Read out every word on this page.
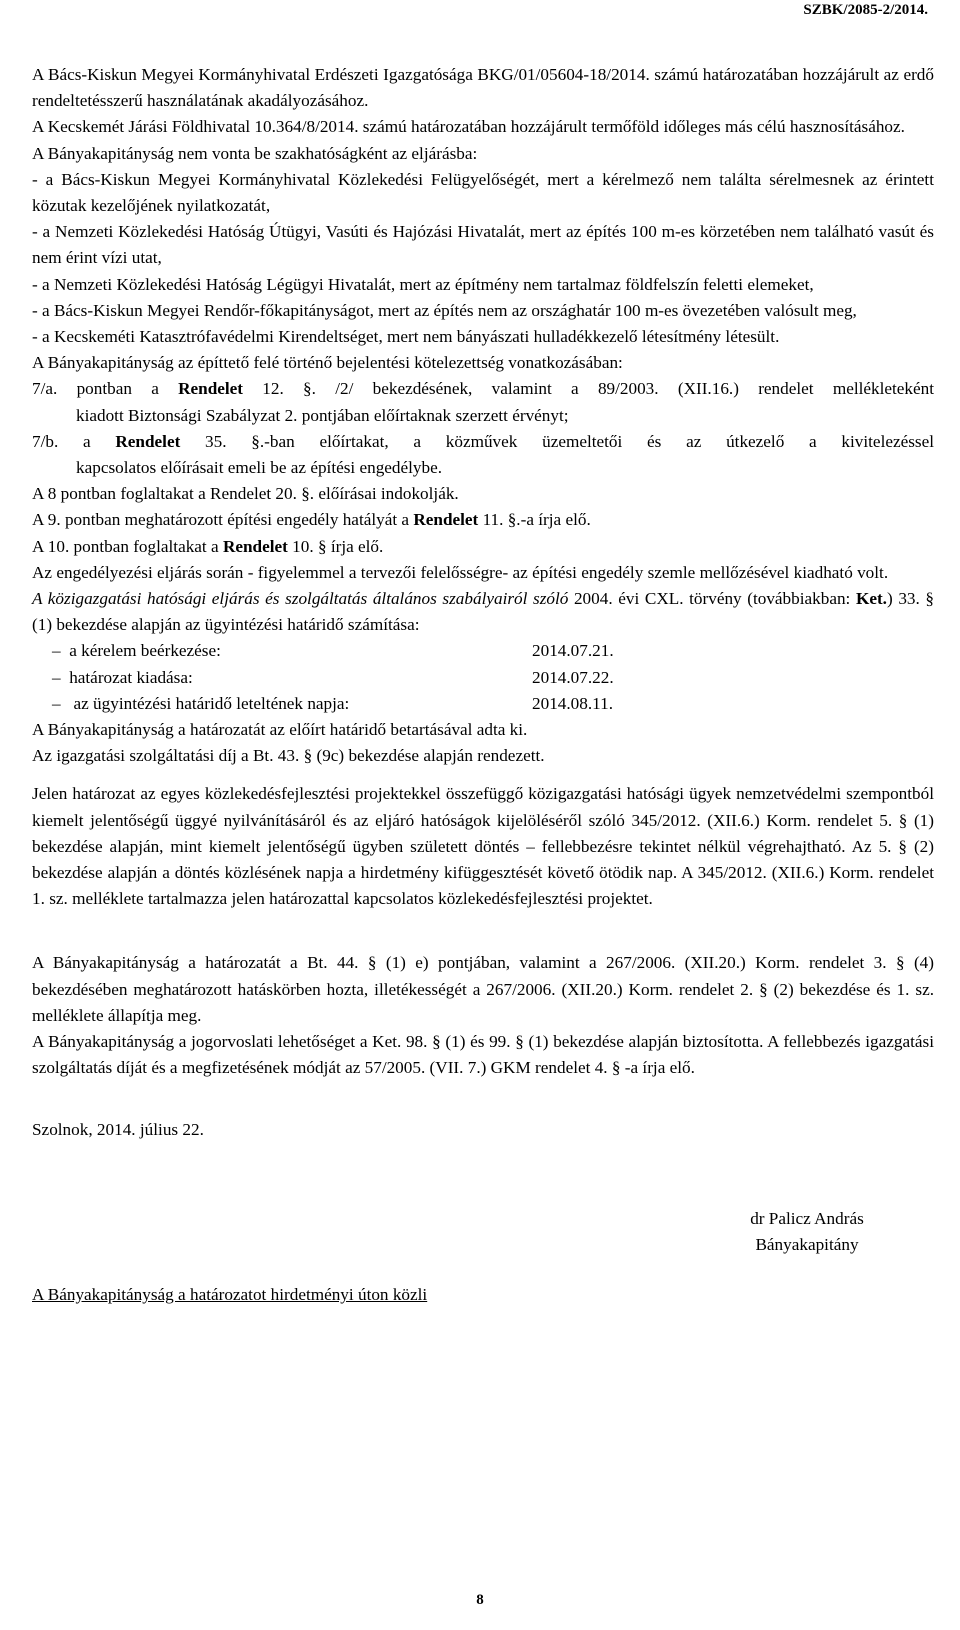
SZBK/2085-2/2014.

A Bács-Kiskun Megyei Kormányhivatal Erdészeti Igazgatósága BKG/01/05604-18/2014. számú határozatában hozzájárult az erdő rendeltetésszerű használatának akadályozásához.

A Kecskemét Járási Földhivatal 10.364/8/2014. számú határozatában hozzájárult termőföld időleges más célú hasznosításához.

A Bányakapitányság nem vonta be szakhatóságként az eljárásba:

- a Bács-Kiskun Megyei Kormányhivatal Közlekedési Felügyelőségét, mert a kérelmező nem találta sérelmesnek az érintett közutak kezelőjének nyilatkozatát,

- a Nemzeti Közlekedési Hatóság Útügyi, Vasúti és Hajózási Hivatalát, mert az építés 100 m-es körzetében nem található vasút és nem érint vízi utat,

- a Nemzeti Közlekedési Hatóság Légügyi Hivatalát, mert az építmény nem tartalmaz földfelszín feletti elemeket,

- a Bács-Kiskun Megyei Rendőr-főkapitányságot, mert az építés nem az országhatár 100 m-es övezetében valósult meg,

- a Kecskeméti Katasztrófavédelmi Kirendeltséget, mert nem bányászati hulladékkezelő létesítmény létesült.

A Bányakapitányság az építtető felé történő bejelentési kötelezettség vonatkozásában:

7/a. pontban a Rendelet 12. §. /2/ bekezdésének, valamint a 89/2003. (XII.16.) rendelet mellékleteként

kiadott Biztonsági Szabályzat 2. pontjában előírtaknak szerzett érvényt;

7/b. a Rendelet 35. §.-ban előírtakat, a közművek üzemeltetői és az útkezelő a kivitelezéssel

kapcsolatos előírásait emeli be az építési engedélybe.

A 8 pontban foglaltakat a Rendelet 20. §. előírásai indokolják.

A 9. pontban meghatározott építési engedély hatályát a Rendelet 11. §.-a írja elő.

A 10. pontban foglaltakat a Rendelet 10. § írja elő.

Az engedélyezési eljárás során - figyelemmel a tervezői felelősségre- az építési engedély szemle mellőzésével kiadható volt.

A közigazgatási hatósági eljárás és szolgáltatás általános szabályairól szóló 2004. évi CXL. törvény (továbbiakban: Ket.) 33. § (1) bekezdése alapján az ügyintézési határidő számítása:

–  a kérelem beérkezése:	2014.07.21.
–  határozat kiadása:	2014.07.22.
–   az ügyintézési határidő leteltének napja:	2014.08.11.

A Bányakapitányság a határozatát az előírt határidő betartásával adta ki.

Az igazgatási szolgáltatási díj a Bt. 43. § (9c) bekezdése alapján rendezett.

Jelen határozat az egyes közlekedésfejlesztési projektekkel összefüggő közigazgatási hatósági ügyek nemzetvédelmi szempontból kiemelt jelentőségű üggyé nyilvánításáról és az eljáró hatóságok kijelöléséről szóló 345/2012. (XII.6.) Korm. rendelet 5. § (1) bekezdése alapján, mint kiemelt jelentőségű ügyben született döntés – fellebbezésre tekintet nélkül végrehajtható. Az 5. § (2) bekezdése alapján a döntés közlésének napja a hirdetmény kifüggesztését követő ötödik nap. A 345/2012. (XII.6.) Korm. rendelet 1. sz. melléklete tartalmazza jelen határozattal kapcsolatos közlekedésfejlesztési projektet.

A Bányakapitányság a határozatát a Bt. 44. § (1) e) pontjában, valamint a 267/2006. (XII.20.) Korm. rendelet 3. § (4) bekezdésében meghatározott hatáskörben hozta, illetékességét a 267/2006. (XII.20.) Korm. rendelet 2. § (2) bekezdése és 1. sz. melléklete állapítja meg.

A Bányakapitányság a jogorvoslati lehetőséget a Ket. 98. § (1) és 99. § (1) bekezdése alapján biztosította. A fellebbezés igazgatási szolgáltatás díját és a megfizetésének módját az 57/2005. (VII. 7.) GKM rendelet 4. § -a írja elő.

Szolnok, 2014. július 22.

dr Palicz András
Bányakapitány

A Bányakapitányság a határozatot hirdetményi úton közli

8
